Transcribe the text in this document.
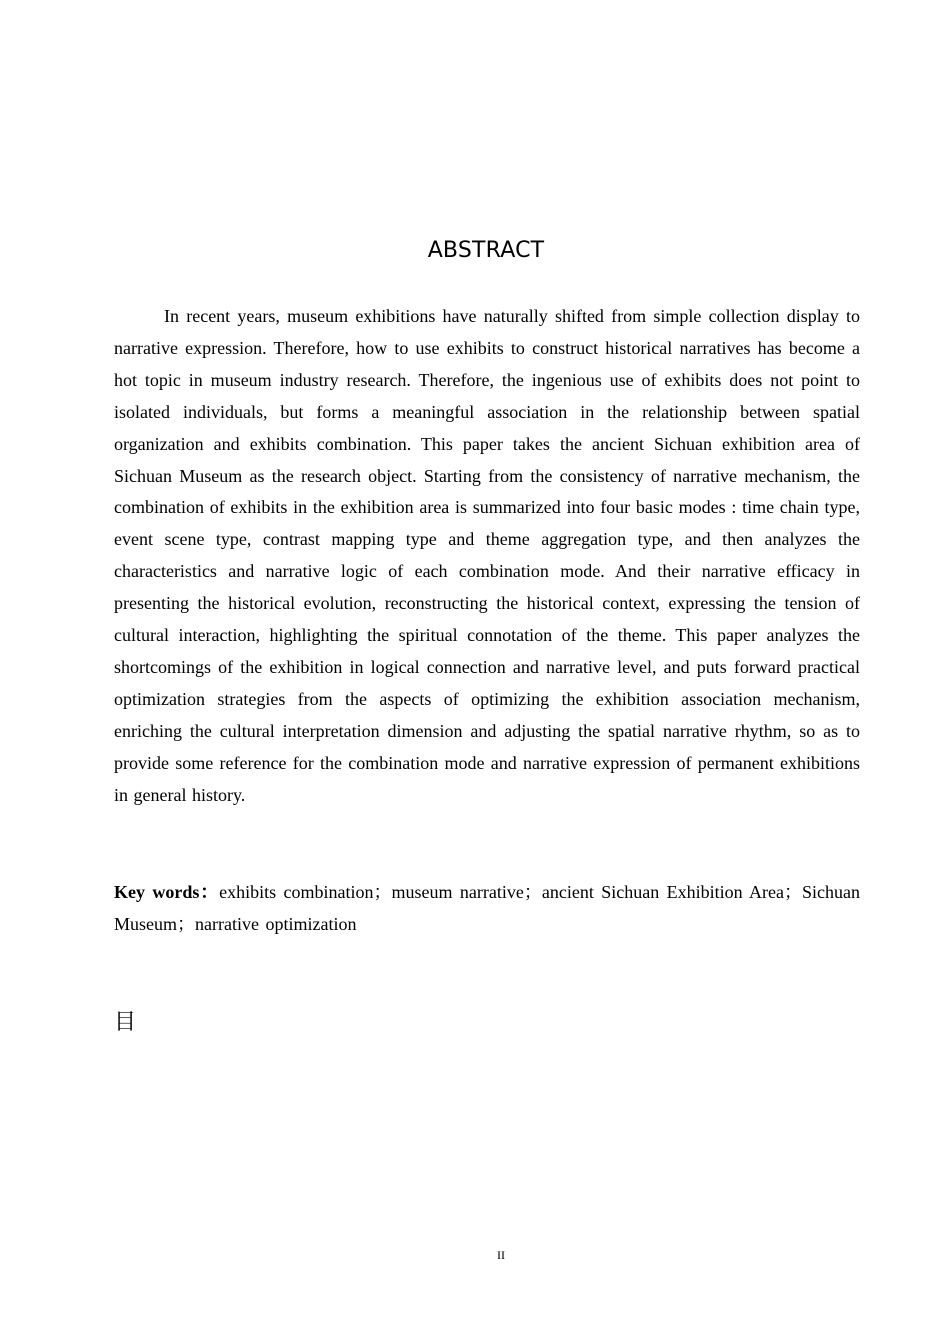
ABSTRACT

In recent years, museum exhibitions have naturally shifted from simple collection display to narrative expression. Therefore, how to use exhibits to construct historical narratives has become a hot topic in museum industry research. Therefore, the ingenious use of exhibits does not point to isolated individuals, but forms a meaningful association in the relationship between spatial organization and exhibits combination. This paper takes the ancient Sichuan exhibition area of Sichuan Museum as the research object. Starting from the consistency of narrative mechanism, the combination of exhibits in the exhibition area is summarized into four basic modes : time chain type, event scene type, contrast mapping type and theme aggregation type, and then analyzes the characteristics and narrative logic of each combination mode. And their narrative efficacy in presenting the historical evolution, reconstructing the historical context, expressing the tension of cultural interaction, highlighting the spiritual connotation of the theme. This paper analyzes the shortcomings of the exhibition in logical connection and narrative level, and puts forward practical optimization strategies from the aspects of optimizing the exhibition association mechanism, enriching the cultural interpretation dimension and adjusting the spatial narrative rhythm, so as to provide some reference for the combination mode and narrative expression of permanent exhibitions in general history.

Key words：exhibits combination；museum narrative；ancient Sichuan Exhibition Area；Sichuan Museum；narrative optimization

目
II
